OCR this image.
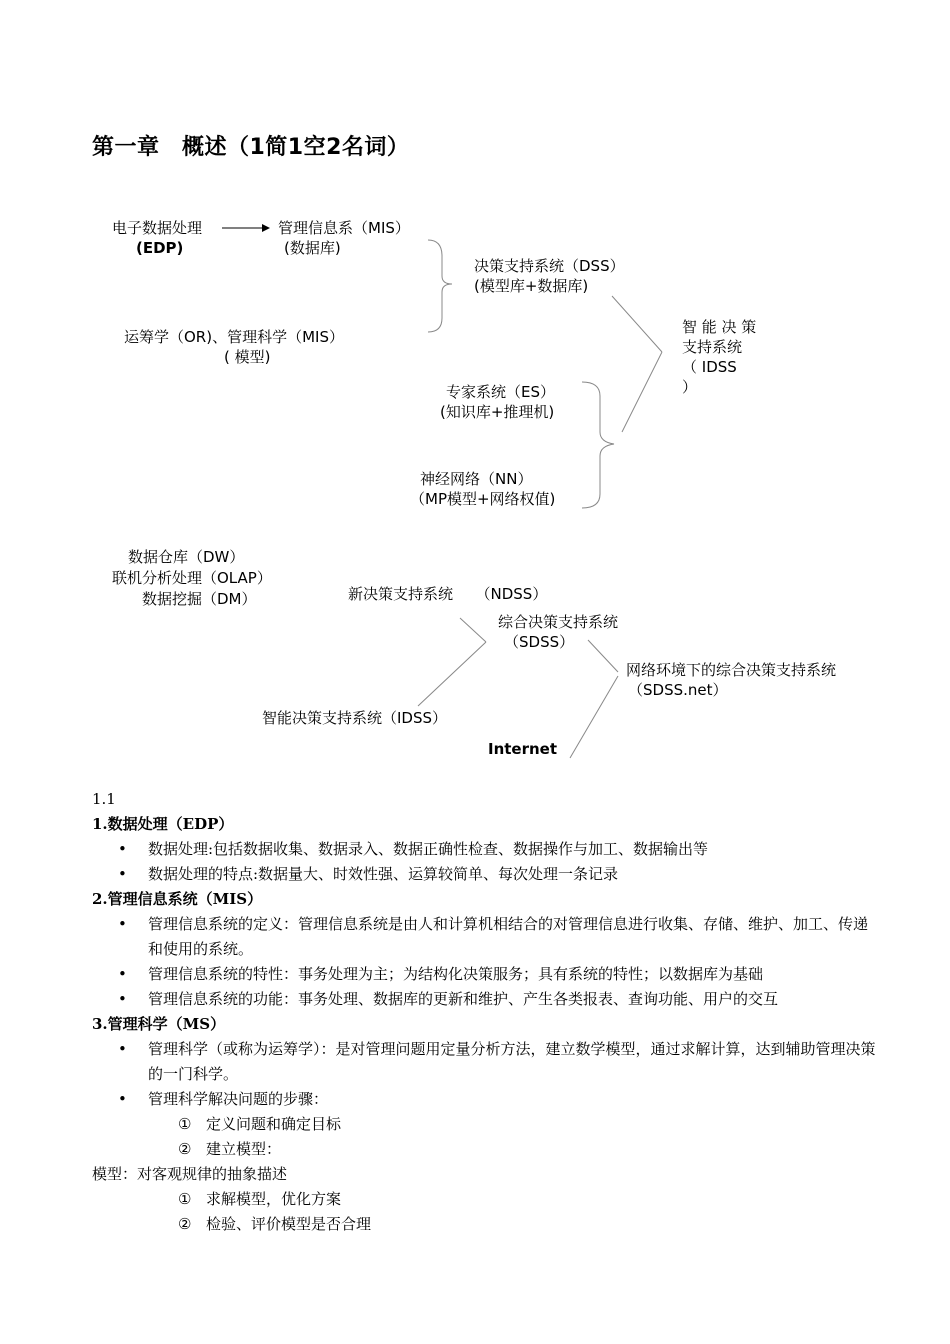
第一章　概述（1简1空2名词）
电子数据处理
(EDP)
管理信息系（MIS）
(数据库)
运筹学（OR)、管理科学（MIS）
( 模型)
决策支持系统（DSS）
(模型库+数据库)
智 能 决 策
支持系统
（ IDSS
）
专家系统（ES）
(知识库+推理机)
神经网络（NN）
（MP模型+网络权值)
数据仓库（DW）
联机分析处理（OLAP）
数据挖掘（DM）	新决策支持系统　　（NDSS）
综合决策支持系统
（SDSS）
网络环境下的综合决策支持系统
（SDSS.net）
智能决策支持系统（IDSS）
Internet
1.1
1.数据处理（EDP）
• 数据处理:包括数据收集、数据录入、数据正确性检查、数据操作与加工、数据输出等
• 数据处理的特点:数据量大、时效性强、运算较简单、每次处理一条记录
2.管理信息系统（MIS）
• 管理信息系统的定义：管理信息系统是由人和计算机相结合的对管理信息进行收集、存储、维护、加工、传递和使用的系统。
• 管理信息系统的特性：事务处理为主；为结构化决策服务；具有系统的特性；以数据库为基础
• 管理信息系统的功能：事务处理、数据库的更新和维护、产生各类报表、查询功能、用户的交互
3.管理科学（MS）
• 管理科学（或称为运筹学）：是对管理问题用定量分析方法，建立数学模型，通过求解计算，达到辅助管理决策的一门科学。
• 管理科学解决问题的步骤：
① 定义问题和确定目标
② 建立模型：
模型：对客观规律的抽象描述
① 求解模型，优化方案
② 检验、评价模型是否合理
